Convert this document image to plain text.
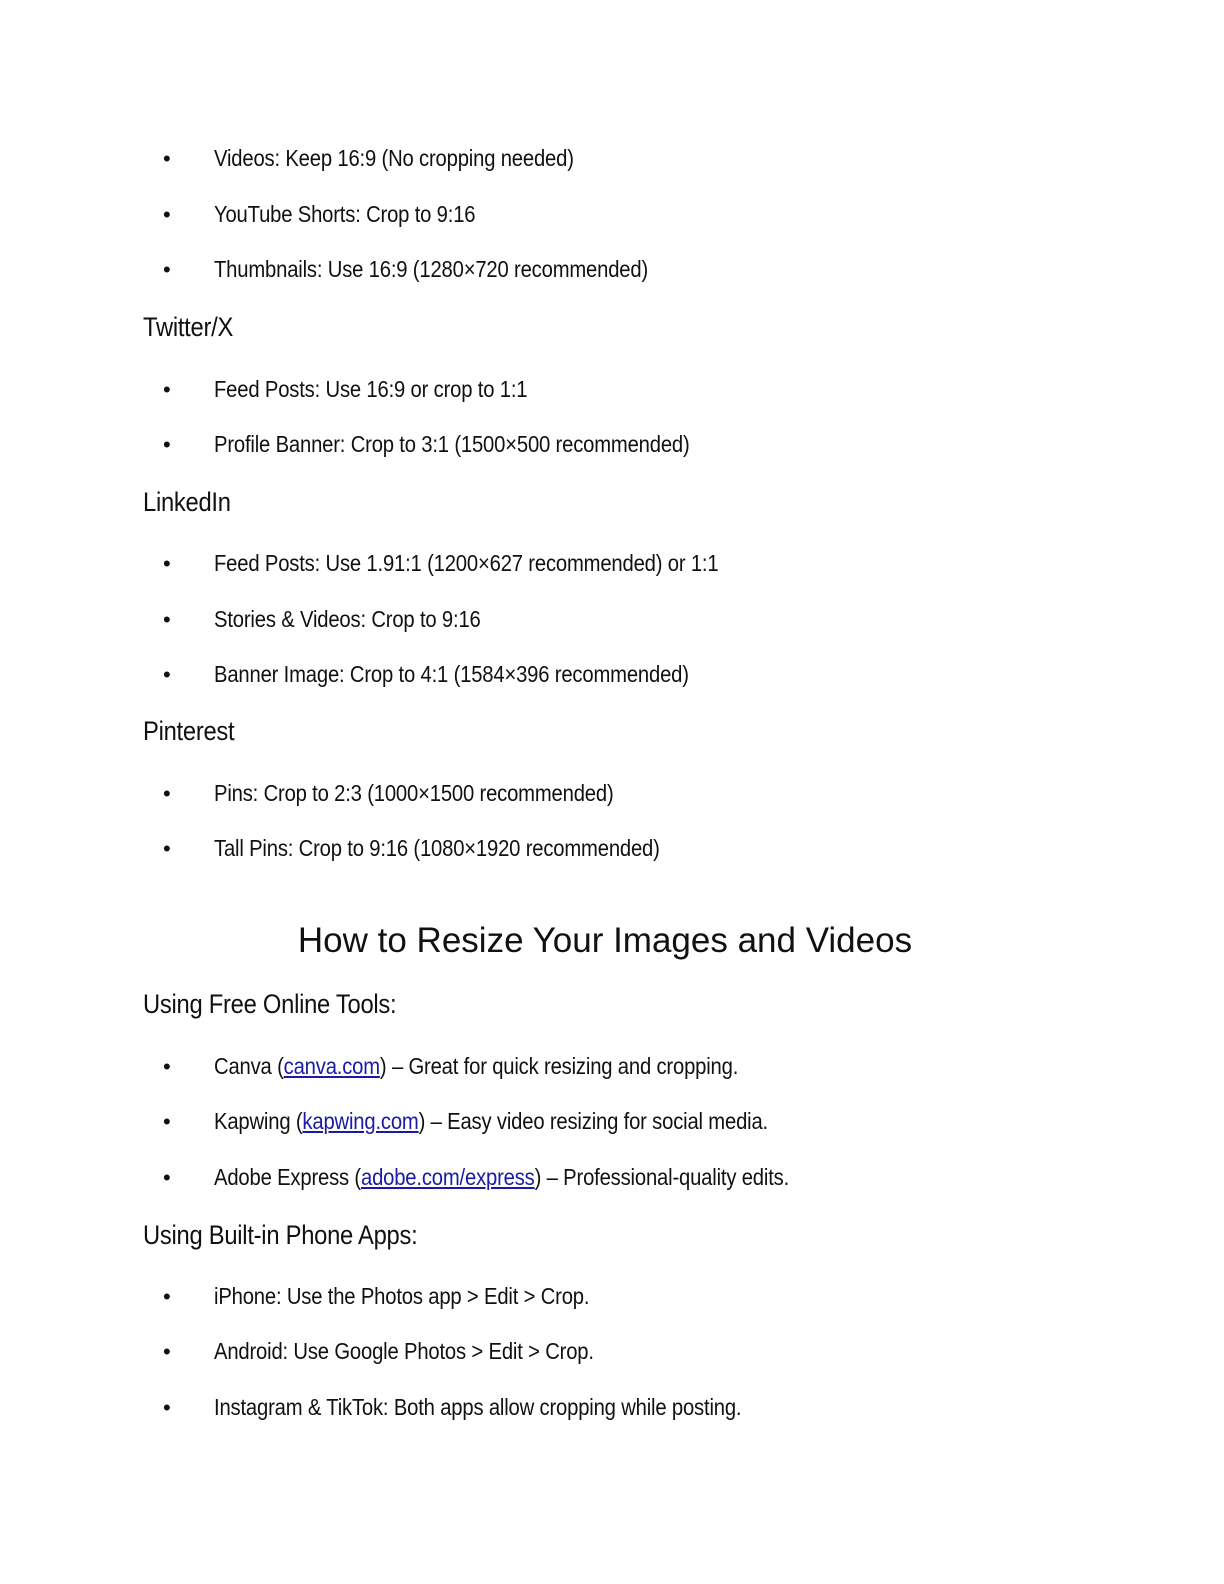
• Videos: Keep 16:9 (No cropping needed)
• YouTube Shorts: Crop to 9:16
• Thumbnails: Use 16:9 (1280×720 recommended)
Twitter/X
• Feed Posts: Use 16:9 or crop to 1:1
• Profile Banner: Crop to 3:1 (1500×500 recommended)
LinkedIn
• Feed Posts: Use 1.91:1 (1200×627 recommended) or 1:1
• Stories & Videos: Crop to 9:16
• Banner Image: Crop to 4:1 (1584×396 recommended)
Pinterest
• Pins: Crop to 2:3 (1000×1500 recommended)
• Tall Pins: Crop to 9:16 (1080×1920 recommended)
How to Resize Your Images and Videos
Using Free Online Tools:
• Canva (canva.com) – Great for quick resizing and cropping.
• Kapwing (kapwing.com) – Easy video resizing for social media.
• Adobe Express (adobe.com/express) – Professional-quality edits.
Using Built-in Phone Apps:
• iPhone: Use the Photos app > Edit > Crop.
• Android: Use Google Photos > Edit > Crop.
• Instagram & TikTok: Both apps allow cropping while posting.
